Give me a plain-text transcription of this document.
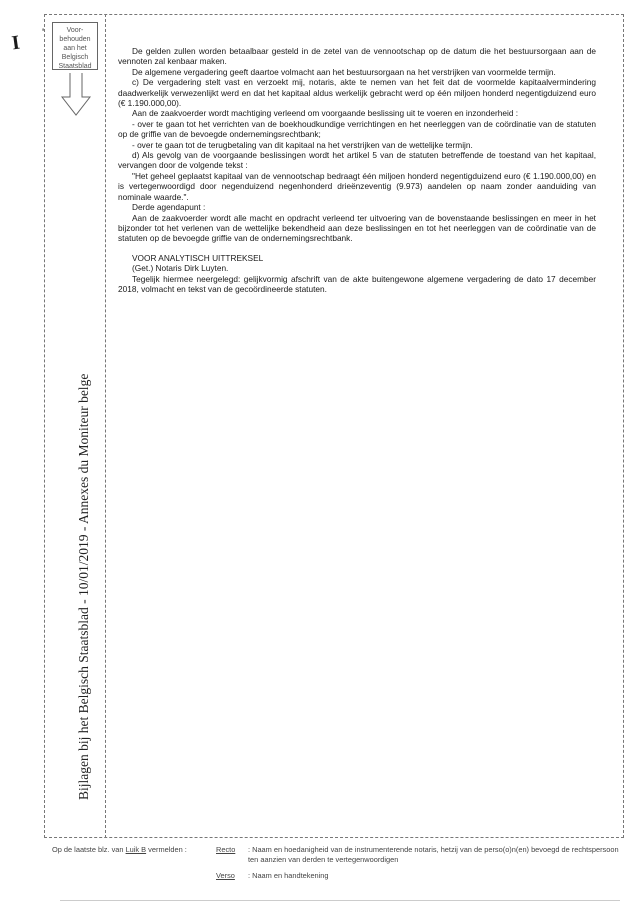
I '	Voor-
behouden
aan het
Belgisch
Staatsblad
Bijlagen bij het Belgisch Staatsblad - 10/01/2019 - Annexes du Moniteur belge

De gelden zullen worden betaalbaar gesteld in de zetel van de vennootschap op de datum die het bestuursorgaan aan de vennoten zal kenbaar maken.

De algemene vergadering geeft daartoe volmacht aan het bestuursorgaan na het verstrijken van voormelde termijn.

c) De vergadering stelt vast en verzoekt mij, notaris, akte te nemen van het feit dat de voormelde kapitaalvermindering daadwerkelijk verwezenlijkt werd en dat het kapitaal aldus werkelijk gebracht werd op één miljoen honderd negentigduizend euro (€ 1.190.000,00).

Aan de zaakvoerder wordt machtiging verleend om voorgaande beslissing uit te voeren en inzonderheid :

- over te gaan tot het verrichten van de boekhoudkundige verrichtingen en het neerleggen van de coördinatie van de statuten op de griffie van de bevoegde ondernemingsrechtbank;

- over te gaan tot de terugbetaling van dit kapitaal na het verstrijken van de wettelijke termijn.

d) Als gevolg van de voorgaande beslissingen wordt het artikel 5 van de statuten betreffende de toestand van het kapitaal, vervangen door de volgende tekst :

"Het geheel geplaatst kapitaal van de vennootschap bedraagt één miljoen honderd negentigduizend euro (€ 1.190.000,00) en is vertegenwoordigd door negenduizend negenhonderd drieënzeventig (9.973) aandelen op naam zonder aanduiding van nominale waarde.".

Derde agendapunt :

Aan de zaakvoerder wordt alle macht en opdracht verleend ter uitvoering van de bovenstaande beslissingen en meer in het bijzonder tot het verlenen van de wettelijke bekendheid aan deze beslissingen en tot het neerleggen van de coördinatie van de statuten op de bevoegde griffie van de ondernemingsrechtbank.

VOOR ANALYTISCH UITTREKSEL

(Get.) Notaris Dirk Luyten.

Tegelijk hiermee neergelegd: gelijkvormig afschrift van de akte buitengewone algemene vergadering de dato 17 december 2018, volmacht en tekst van de gecoördineerde statuten.

Op de laatste blz. van Luik B vermelden :	Recto : Naam en hoedanigheid van de instrumenterende notaris, hetzij van de perso(o)n(en) bevoegd de rechtspersoon ten aanzien van derden te vertegenwoordigen
Verso : Naam en handtekening
